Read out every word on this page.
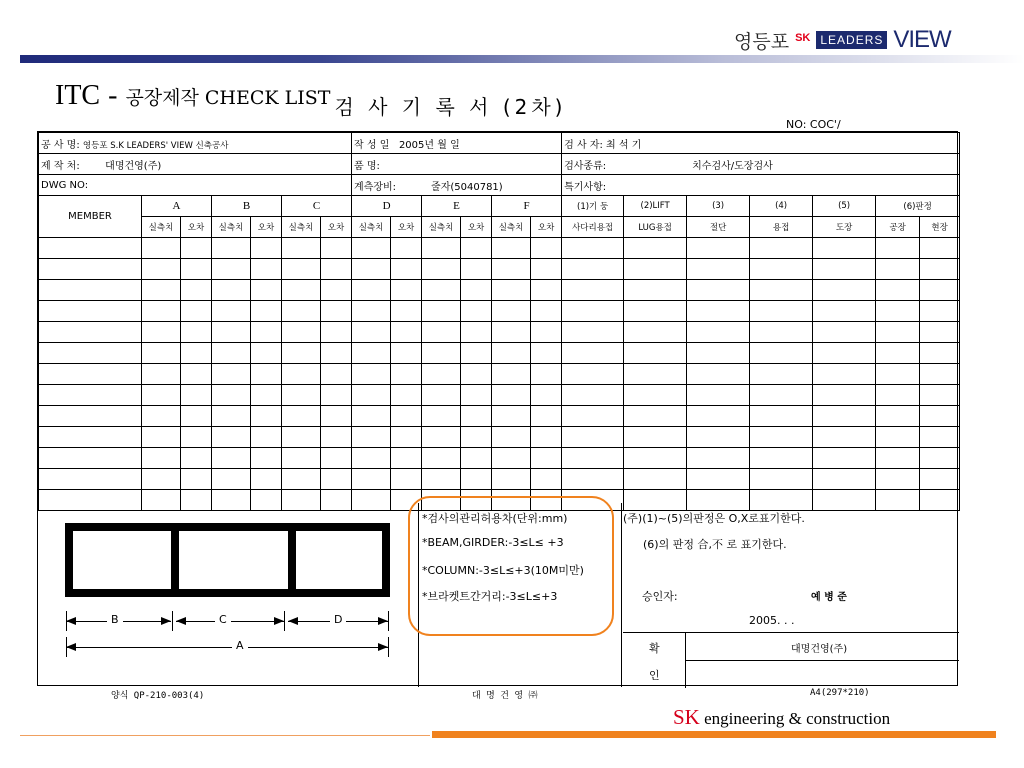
영등포 SK LEADERS VIEW
ITC - 공장제작 CHECK LIST 검 사 기 록 서 (2차)
NO: COC'/
공 사 명: 영등포 S.K LEADERS' VIEW 신축공사							작 성 일 2005년 월 일						검 사 자: 최 석 기						
제 작 처: 대명건영(주)							품 명:						검사종류: 치수검사/도장검사						
DWG NO:							계측장비: 줄자(5040781)						특기사항:						
MEMBER	A		B		C		D		E		F		(1)기 둥	(2)LIFT	(3)	(4)	(5)	(6)판정	
	실측치	오차	실측치	오차	실측치	오차	실측치	오차	실측치	오차	실측치	오차	사다리용접	LUG용접	절단	용접	도장	공장	현장

B	C	D
A
*검사의관리허용차(단위:mm)
*BEAM,GIRDER:-3≤L≤ +3
*COLUMN:-3≤L≤+3(10M미만)
*브라켓트간거리:-3≤L≤+3
(주)(1)~(5)의판정은 O,X로표기한다.
(6)의 판정 合,不 로 표기한다.
승인자:	예 병 준
2005. . .
확
인
대명건영(주)
양식 QP-210-003(4)	대 명 건 영 ㈜	A4(297*210)
SK engineering & construction
